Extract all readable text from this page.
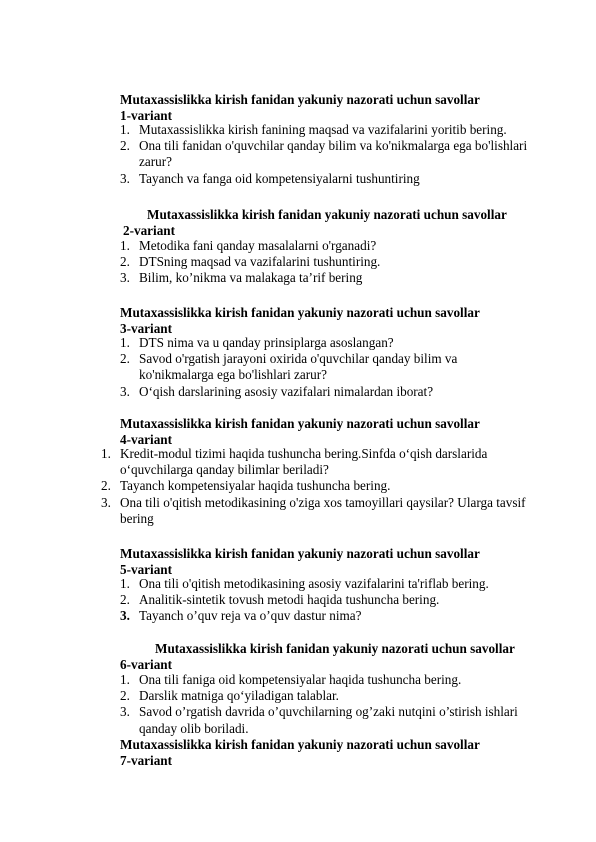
Mutaxassislikka kirish fanidan yakuniy nazorati uchun savollar
1-variant
1. Mutaxassislikka kirish fanining maqsad va vazifalarini yoritib bering.
2. Ona tili fanidan o'quvchilar qanday bilim va ko'nikmalarga ega bo'lishlari
zarur?
3. Tayanch va fanga oid kompetensiyalarni tushuntiring
Mutaxassislikka kirish fanidan yakuniy nazorati uchun savollar
2-variant
1. Metodika fani qanday masalalarni o'rganadi?
2. DTSning maqsad va vazifalarini tushuntiring.
3. Bilim, ko’nikma va malakaga ta’rif bering
Mutaxassislikka kirish fanidan yakuniy nazorati uchun savollar
3-variant
1. DTS nima va u qanday prinsiplarga asoslangan?
2. Savod o'rgatish jarayoni oxirida o'quvchilar qanday bilim va
ko'nikmalarga ega bo'lishlari zarur?
3. O‘qish darslarining asosiy vazifalari nimalardan iborat?
Mutaxassislikka kirish fanidan yakuniy nazorati uchun savollar
4-variant
1. Kredit-modul tizimi haqida tushuncha bering.Sinfda o‘qish darslarida
o‘quvchilarga qanday bilimlar beriladi?
2. Tayanch kompetensiyalar haqida tushuncha bering.
3. Ona tili o'qitish metodikasining o'ziga xos tamoyillari qaysilar? Ularga tavsif
bering
Mutaxassislikka kirish fanidan yakuniy nazorati uchun savollar
5-variant
1. Ona tili o'qitish metodikasining asosiy vazifalarini ta'riflab bering.
2. Analitik-sintetik tovush metodi haqida tushuncha bering.
3. Tayanch o’quv reja va o’quv dastur nima?
Mutaxassislikka kirish fanidan yakuniy nazorati uchun savollar
6-variant
1. Ona tili faniga oid kompetensiyalar haqida tushuncha bering.
2. Darslik matniga qo‘yiladigan talablar.
3. Savod o’rgatish davrida o’quvchilarning og’zaki nutqini o’stirish ishlari
qanday olib boriladi.
Mutaxassislikka kirish fanidan yakuniy nazorati uchun savollar
7-variant
